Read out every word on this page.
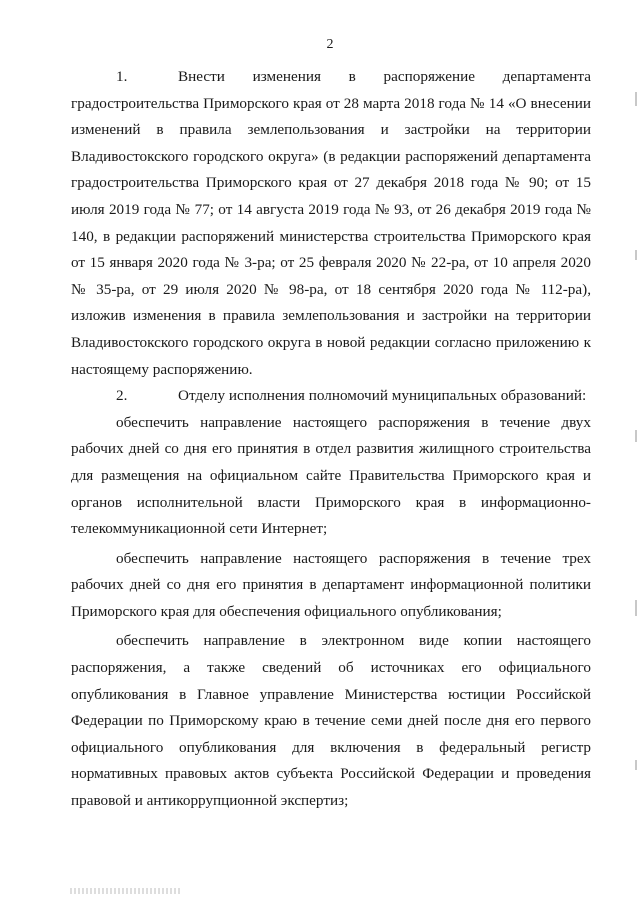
2

1.	Внести изменения в распоряжение департамента градостроительства Приморского края от 28 марта 2018 года № 14 «О внесении изменений в правила землепользования и застройки на территории Владивостокского городского округа» (в редакции распоряжений департамента градостроительства Приморского края от 27 декабря 2018 года № 90; от 15 июля 2019 года № 77; от 14 августа 2019 года № 93, от 26 декабря 2019 года № 140, в редакции распоряжений министерства строительства Приморского края от 15 января 2020 года № 3-ра; от 25 февраля 2020 № 22-ра, от 10 апреля 2020 № 35-ра, от 29 июля 2020 № 98-ра, от 18 сентября 2020 года № 112-ра), изложив изменения в правила землепользования и застройки на территории Владивостокского городского округа в новой редакции согласно приложению к настоящему распоряжению.

2.	Отделу исполнения полномочий муниципальных образований:

обеспечить направление настоящего распоряжения в течение двух рабочих дней со дня его принятия в отдел развития жилищного строительства для размещения на официальном сайте Правительства Приморского края и органов исполнительной власти Приморского края в информационно-телекоммуникационной сети Интернет;

обеспечить направление настоящего распоряжения в течение трех рабочих дней со дня его принятия в департамент информационной политики Приморского края для обеспечения официального опубликования;

обеспечить направление в электронном виде копии настоящего распоряжения, а также сведений об источниках его официального опубликования в Главное управление Министерства юстиции Российской Федерации по Приморскому краю в течение семи дней после дня его первого официального опубликования для включения в федеральный регистр нормативных правовых актов субъекта Российской Федерации и проведения правовой и антикоррупционной экспертиз;
